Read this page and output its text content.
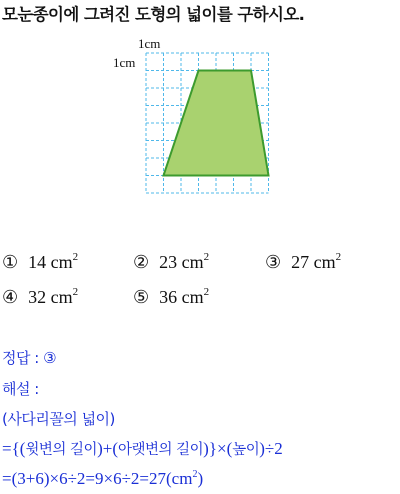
모눈종이에 그려진 도형의 넓이를 구하시오.
1cm
1cm
① 14 $cm^2$	② 23 $cm^2$	③ 27 $cm^2$
④ 32 $cm^2$	⑤ 36 $cm^2$
정답 : ③
해설 :
(사다리꼴의 넓이)
={(윗변의 길이)+(아랫변의 길이)}×(높이)÷2
$=(3+6)\times 6\div 2=9\times 6\div 2=27(cm^2)$
